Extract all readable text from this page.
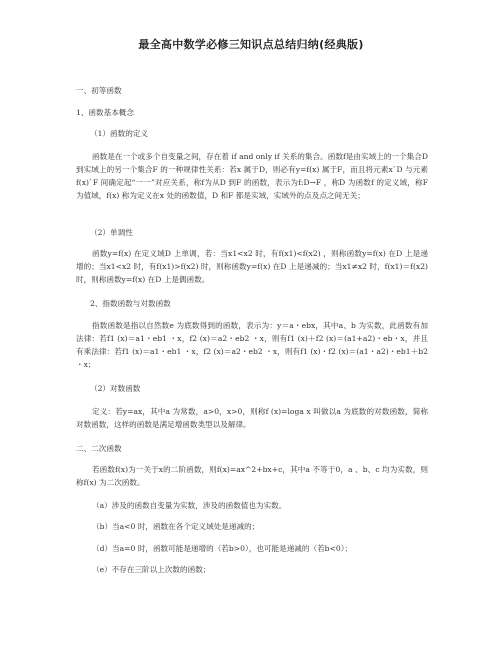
最全高中数学必修三知识点总结归纳(经典版)
一、初等函数
1、函数基本概念
（1）函数的定义
函数是在一个或多个自变量之间，存在着 if and only if 关系的集合。函数f是由实域上的一个集合D 到实域上的另一个集合F 的一种规律性关系：若x 属于D，则必有y=f(x) 属于F，而且将元素x`D 与元素f(x)`F 间确定起“一一”对应关系，称f为从D 到F 的函数，表示为f:D→F ，称D 为函数f 的定义域，称F 为值域，f(x) 称为定义在x 处的函数值，D 和F 都是实域，实域外的点及点之间无关；
（2）单调性
函数y=f(x) 在定义域D 上单调，若：当x1<x2 时，有f(x1)<f(x2) ，则称函数y=f(x) 在D 上是递增的；当x1<x2 时，有f(x1)>f(x2) 时，则称函数y=f(x) 在D 上是递减的；当x1≠x2 时，f(x1)＝f(x2) 时，则称函数y=f(x) 在D 上是偶函数。
2、指数函数与对数函数
指数函数是指以自然数e 为底数得到的函数，表示为：y＝a・ebx，其中a、b 为实数，此函数有加法律：若f1 (x)＝a1・eb1 ・x，f2 (x)＝a2・eb2 ・x，则有f1 (x)＋f2 (x)＝(a1+a2)・eb・x，并且有乘法律：若f1 (x)＝a1・eb1 ・x，f2 (x)＝a2・eb2 ・x，则有f1 (x)・f2 (x)＝(a1・a2)・eb1＋b2 ・x；
（2）对数函数
定义：若y=ax，其中a 为常数，a>0，x>0，则称f (x)=loga x 叫做以a 为底数的对数函数，简称对数函数，这样的函数是满足增函数类型以及解律。
二、二次函数
若函数f(x)为一关于x的二阶函数，则f(x)=ax^2+bx+c，其中a 不等于0，a 、b、c 均为实数，则称f(x) 为二次函数。
（a）涉及的函数自变量为实数，涉及的函数值也为实数。
（b）当a<0 时，函数在各个定义域处是递减的；
（d）当a=0 时，函数可能是递增的（若b>0），也可能是递减的（若b<0）；
（e）不存在三阶以上次数的函数；
